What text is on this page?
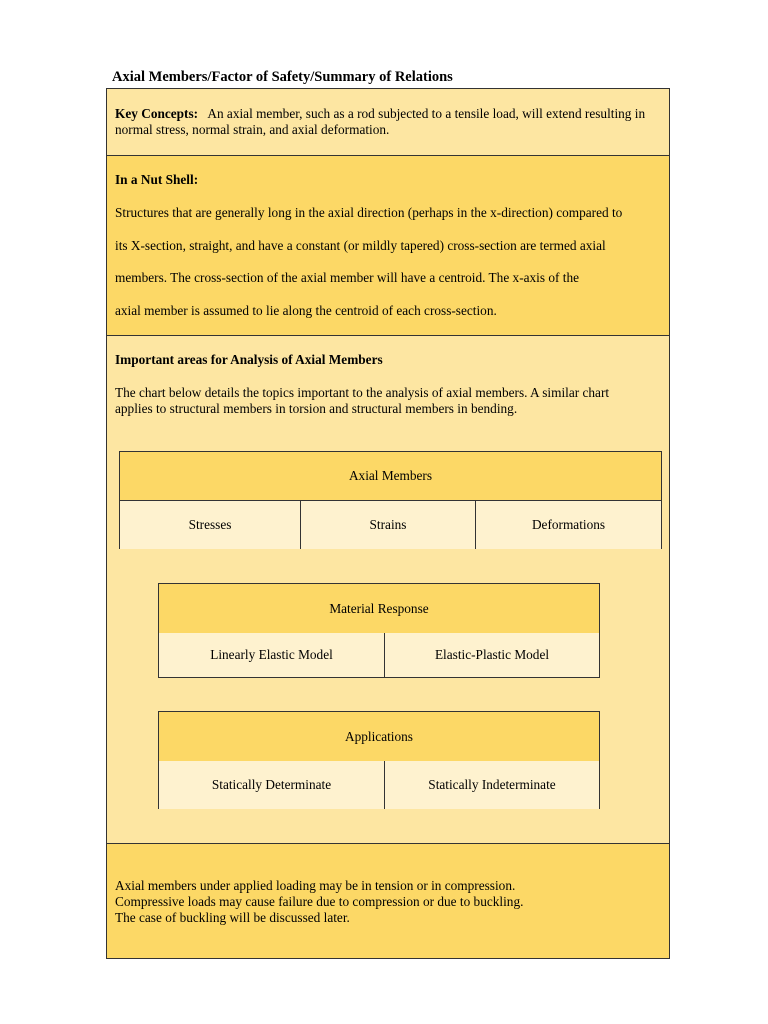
Axial Members/Factor of Safety/Summary of Relations
Key Concepts: An axial member, such as a rod subjected to a tensile load, will extend resulting in normal stress, normal strain, and axial deformation.
In a Nut Shell:
Structures that are generally long in the axial direction (perhaps in the x-direction) compared to
its X-section, straight, and have a constant (or mildly tapered) cross-section are termed axial
members. The cross-section of the axial member will have a centroid. The x-axis of the
axial member is assumed to lie along the centroid of each cross-section.
Important areas for Analysis of Axial Members
The chart below details the topics important to the analysis of axial members. A similar chart
applies to structural members in torsion and structural members in bending.
Axial Members
Stresses	Strains	Deformations
Material Response
Linearly Elastic Model	Elastic-Plastic Model
Applications
Statically Determinate	Statically Indeterminate
Axial members under applied loading may be in tension or in compression.
Compressive loads may cause failure due to compression or due to buckling.
The case of buckling will be discussed later.
